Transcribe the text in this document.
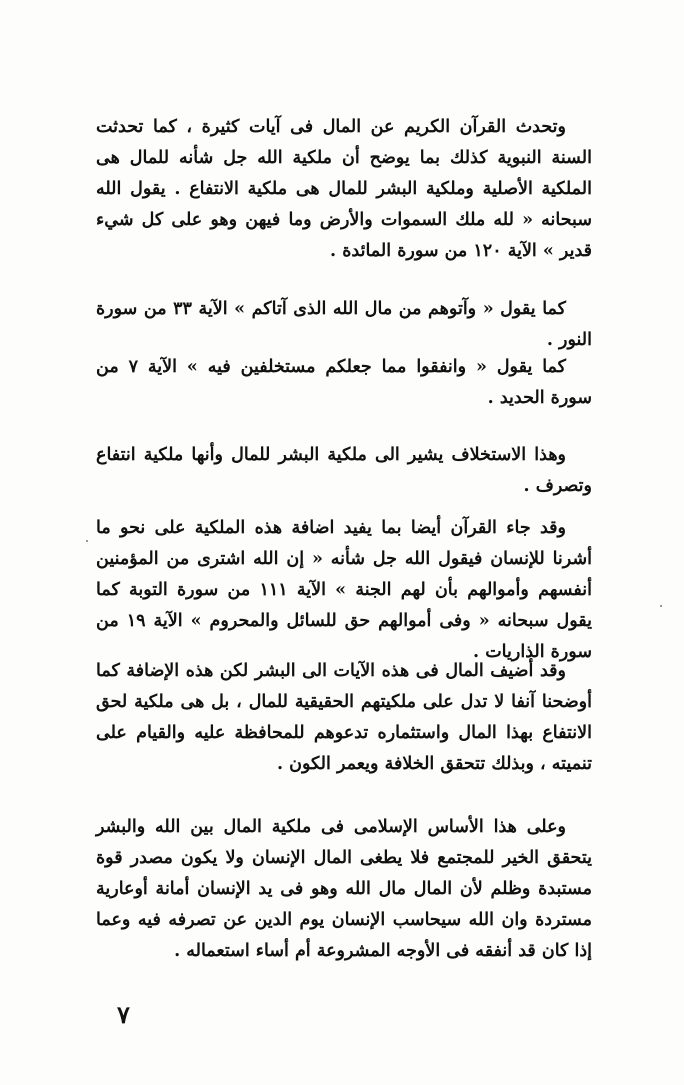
وتحدث القرآن الكريم عن المال فى آيات كثيرة ، كما تحدثت السنة النبوية كذلك بما يوضح أن ملكية الله جل شأنه للمال هى الملكية الأصلية وملكية البشر للمال هى ملكية الانتفاع . يقول الله سبحانه « لله ملك السموات والأرض وما فيهن وهو على كل شيء قدير » الآية ١٢٠ من سورة المائدة .

كما يقول « وآتوهم من مال الله الذى آتاكم » الآية ٣٣ من سورة النور .

كما يقول « وانفقوا مما جعلكم مستخلفين فيه » الآية ٧ من سورة الحديد .

وهذا الاستخلاف يشير الى ملكية البشر للمال وأنها ملكية انتفاع وتصرف .

وقد جاء القرآن أيضا بما يفيد اضافة هذه الملكية على نحو ما أشرنا للإنسان فيقول الله جل شأنه « إن الله اشترى من المؤمنين أنفسهم وأموالهم بأن لهم الجنة » الآية ١١١ من سورة التوبة كما يقول سبحانه « وفى أموالهم حق للسائل والمحروم » الآية ١٩ من سورة الذاريات .

وقد أضيف المال فى هذه الآيات الى البشر لكن هذه الإضافة كما أوضحنا آنفا لا تدل على ملكيتهم الحقيقية للمال ، بل هى ملكية لحق الانتفاع بهذا المال واستثماره تدعوهم للمحافظة عليه والقيام على تنميته ، وبذلك تتحقق الخلافة ويعمر الكون .

وعلى هذا الأساس الإسلامى فى ملكية المال بين الله والبشر يتحقق الخير للمجتمع فلا يطغى المال الإنسان ولا يكون مصدر قوة مستبدة وظلم لأن المال مال الله وهو فى يد الإنسان أمانة أوعارية مستردة وان الله سيحاسب الإنسان يوم الدين عن تصرفه فيه وعما إذا كان قد أنفقه فى الأوجه المشروعة أم أساء استعماله .

٧
